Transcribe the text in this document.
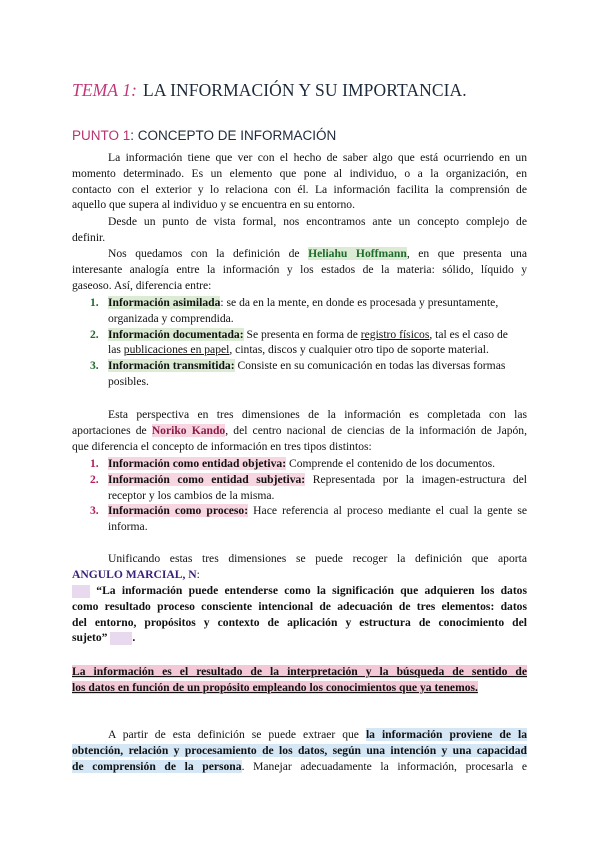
TEMA 1: LA INFORMACIÓN Y SU IMPORTANCIA.
PUNTO 1: CONCEPTO DE INFORMACIÓN
La información tiene que ver con el hecho de saber algo que está ocurriendo en un
momento determinado. Es un elemento que pone al individuo, o a la organización, en
contacto con el exterior y lo relaciona con él. La información facilita la comprensión de
aquello que supera al individuo y se encuentra en su entorno.
Desde un punto de vista formal, nos encontramos ante un concepto complejo de
definir.
Nos quedamos con la definición de Heliahu Hoffmann, en que presenta una
interesante analogía entre la información y los estados de la materia: sólido, líquido y
gaseoso. Así, diferencia entre:
1. Información asimilada: se da en la mente, en donde es procesada y presuntamente,
organizada y comprendida.
2. Información documentada: Se presenta en forma de registro físicos, tal es el caso de
las publicaciones en papel, cintas, discos y cualquier otro tipo de soporte material.
3. Información transmitida: Consiste en su comunicación en todas las diversas formas
posibles.
Esta perspectiva en tres dimensiones de la información es completada con las
aportaciones de Noriko Kando, del centro nacional de ciencias de la información de Japón,
que diferencia el concepto de información en tres tipos distintos:
1. Información como entidad objetiva: Comprende el contenido de los documentos.
2. Información como entidad subjetiva: Representada por la imagen-estructura del
receptor y los cambios de la misma.
3. Información como proceso: Hace referencia al proceso mediante el cual la gente se
informa.
Unificando estas tres dimensiones se puede recoger la definición que aporta
ANGULO MARCIAL, N:
“La información puede entenderse como la significación que adquieren los datos
como resultado proceso consciente intencional de adecuación de tres elementos: datos
del entorno, propósitos y contexto de aplicación y estructura de conocimiento del
sujeto” .
La información es el resultado de la interpretación y la búsqueda de sentido de
los datos en función de un propósito empleando los conocimientos que ya tenemos.
A partir de esta definición se puede extraer que la información proviene de la
obtención, relación y procesamiento de los datos, según una intención y una capacidad
de comprensión de la persona. Manejar adecuadamente la información, procesarla e
